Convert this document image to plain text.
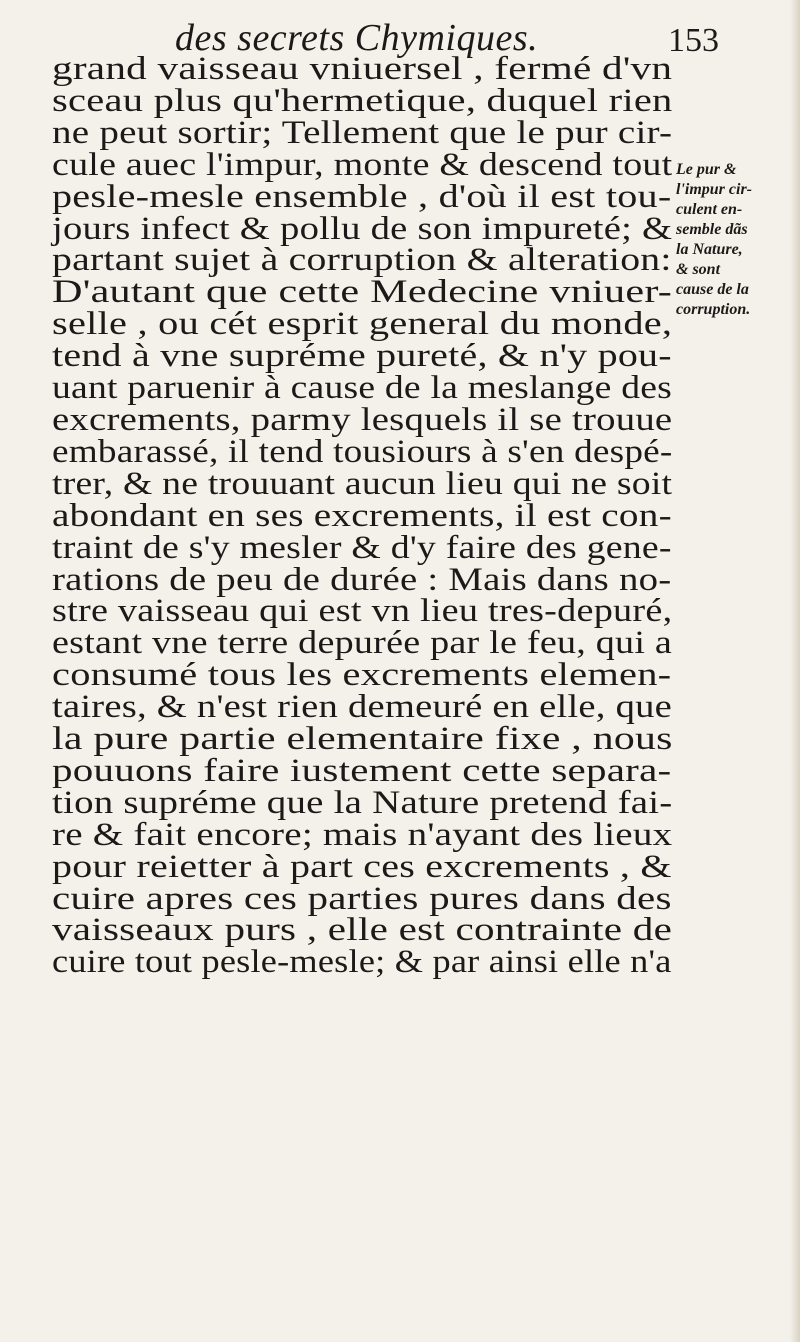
des secrets Chymiques.	153
grand vaisseau vniuersel , fermé d'vn
sceau plus qu'hermetique, duquel rien
ne peut sortir; Tellement que le pur cir-
cule auec l'impur, monte & descend tout
pesle-mesle ensemble , d'où il est tou-
jours infect & pollu de son impureté; &
partant sujet à corruption & alteration:
D'autant que cette Medecine vniuer-
selle , ou cét esprit general du monde,
tend à vne supréme pureté, & n'y pou-
uant paruenir à cause de la meslange des
excrements, parmy lesquels il se trouue
embarassé, il tend tousiours à s'en despé-
trer, & ne trouuant aucun lieu qui ne soit
abondant en ses excrements, il est con-
traint de s'y mesler & d'y faire des gene-
rations de peu de durée : Mais dans no-
stre vaisseau qui est vn lieu tres-depuré,
estant vne terre depurée par le feu, qui a
consumé tous les excrements elemen-
taires, & n'est rien demeuré en elle, que
la pure partie elementaire fixe , nous
pouuons faire iustement cette separa-
tion supréme que la Nature pretend fai-
re & fait encore; mais n'ayant des lieux
pour reietter à part ces excrements , &
cuire apres ces parties pures dans des
vaisseaux purs , elle est contrainte de
cuire tout pesle-mesle; & par ainsi elle n'a
Le pur &
l'impur cir-
culent en-
semble dãs
la Nature,
& sont
cause de la
corruption.
